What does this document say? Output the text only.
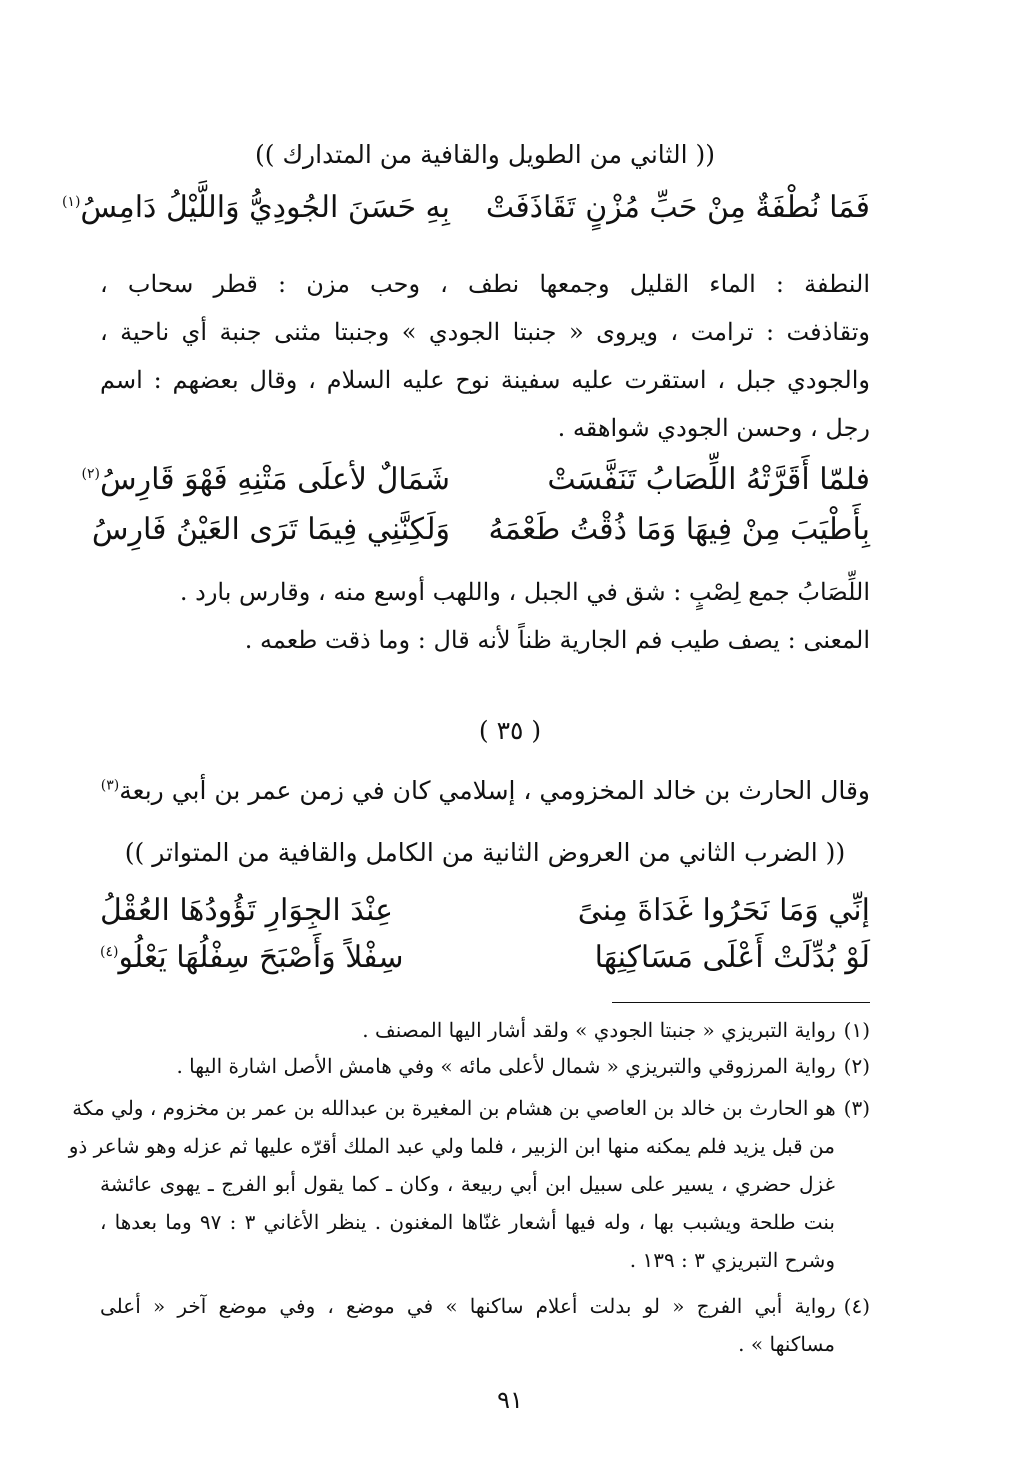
(( الثاني من الطويل والقافية من المتدارك ))
فَمَا نُطْفَةٌ مِنْ حَبِّ مُزْنٍ تَقَاذَفَتْ
بِهِ حَسَنَ الجُودِيُّ وَاللَّيْلُ دَامِسُ$^{(١)}$
النطفة : الماء القليل وجمعها نطف ، وحب مزن : قطر سحاب ،
وتقاذفت : ترامت ، ويروى « جنبتا الجودي » وجنبتا مثنى جنبة أي ناحية ،
والجودي جبل ، استقرت عليه سفينة نوح عليه السلام ، وقال بعضهم : اسم
رجل ، وحسن الجودي شواهقه .
فلمّا أَقَرَّتْهُ اللِّصَابُ تَنَفَّسَتْ
شَمَالٌ لأعلَى مَتْنِهِ فَهْوَ قَارِسُ$^{(٢)}$
بِأَطْيَبَ مِنْ فِيهَا وَمَا ذُقْتُ طَعْمَهُ
وَلَكِنَّنِي فِيمَا تَرَى العَيْنُ فَارِسُ
اللِّصَابُ جمع لِصْبٍ : شق في الجبل ، واللهب أوسع منه ، وقارس بارد .
المعنى : يصف طيب فم الجارية ظناً لأنه قال : وما ذقت طعمه .
( ٣٥ )
وقال الحارث بن خالد المخزومي ، إسلامي كان في زمن عمر بن أبي ربعة$^{(٣)}$
(( الضرب الثاني من العروض الثانية من الكامل والقافية من المتواتر ))
إنِّي وَمَا نَحَرُوا غَدَاةَ مِنىً
عِنْدَ الجِوَارِ تَؤُودُهَا العُقْلُ
لَوْ بُدِّلَتْ أَعْلَى مَسَاكِنِهَا
سِفْلاً وَأَصْبَحَ سِفْلُهَا يَعْلُو$^{(٤)}$
(١)رواية التبريزي « جنبتا الجودي » ولقد أشار اليها المصنف .
(٢)رواية المرزوقي والتبريزي « شمال لأعلى مائه » وفي هامش الأصل اشارة اليها .
(٣)هو الحارث بن خالد بن العاصي بن هشام بن المغيرة بن عبدالله بن عمر بن مخزوم ، ولي مكة
من قبل يزيد فلم يمكنه منها ابن الزبير ، فلما ولي عبد الملك أقرّه عليها ثم عزله وهو شاعر ذو
غزل حضري ، يسير على سبيل ابن أبي ربيعة ، وكان ـ كما يقول أبو الفرج ـ يهوى عائشة
بنت طلحة ويشبب بها ، وله فيها أشعار غنّاها المغنون . ينظر الأغاني ٣ : ٩٧ وما بعدها ،
وشرح التبريزي ٣ : ١٣٩ .
(٤)رواية أبي الفرج « لو بدلت أعلام ساكنها » في موضع ، وفي موضع آخر « أعلى
مساكنها » .
٩١
